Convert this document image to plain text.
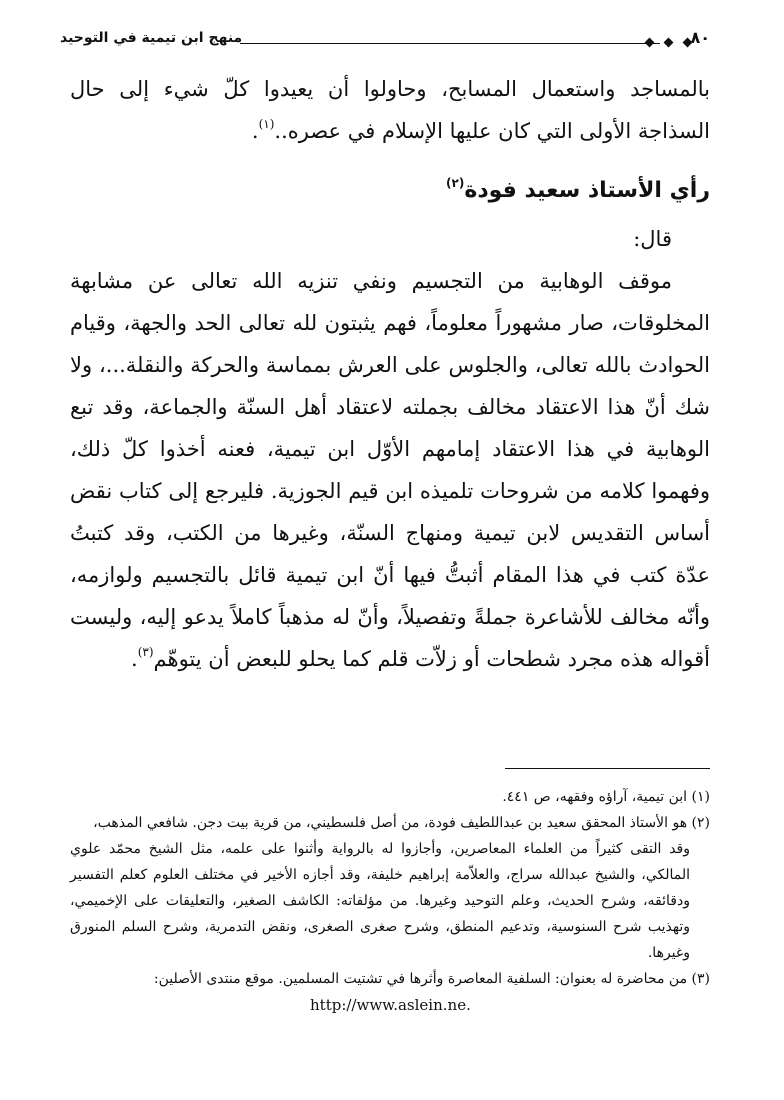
منهج ابن تيمية في التوحيد	٨٠

بالمساجد واستعمال المسابح، وحاولوا أن يعيدوا كلّ شيء إلى حال السذاجة الأولى التي كان عليها الإسلام في عصره..$^{(١)}$.

رأي الأستاذ سعيد فودة$^{(٢)}$

قال:

موقف الوهابية من التجسيم ونفي تنزيه الله تعالى عن مشابهة المخلوقات، صار مشهوراً معلوماً، فهم يثبتون لله تعالى الحد والجهة، وقيام الحوادث بالله تعالى، والجلوس على العرش بمماسة والحركة والنقلة...، ولا شك أنّ هذا الاعتقاد مخالف بجملته لاعتقاد أهل السنّة والجماعة، وقد تبع الوهابية في هذا الاعتقاد إمامهم الأوّل ابن تيمية، فعنه أخذوا كلّ ذلك، وفهموا كلامه من شروحات تلميذه ابن قيم الجوزية. فليرجع إلى كتاب نقض أساس التقديس لابن تيمية ومنهاج السنّة، وغيرها من الكتب، وقد كتبتُ عدّة كتب في هذا المقام أثبتُّ فيها أنّ ابن تيمية قائل بالتجسيم ولوازمه، وأنّه مخالف للأشاعرة جملةً وتفصيلاً، وأنّ له مذهباً كاملاً يدعو إليه، وليست أقواله هذه مجرد شطحات أو زلاّت قلم كما يحلو للبعض أن يتوهّم$^{(٣)}$.

(١) ابن تيمية، آراؤه وفقهه، ص ٤٤١.

(٢) هو الأستاذ المحقق سعيد بن عبداللطيف فودة، من أصل فلسطيني، من قرية بيت دجن. شافعي المذهب،

وقد التقى كثيراً من العلماء المعاصرين، وأجازوا له بالرواية وأثنوا على علمه، مثل الشيخ محمّد علوي المالكي، والشيخ عبدالله سراج، والعلاّمة إبراهيم خليفة، وقد أجازه الأخير في مختلف العلوم كعلم التفسير ودقائقه، وشرح الحديث، وعلم التوحيد وغيرها. من مؤلفاته: الكاشف الصغير، والتعليقات على الإخميمي، وتهذيب شرح السنوسية، وتدعيم المنطق، وشرح صغرى الصغرى، ونقض التدمرية، وشرح السلم المنورق وغيرها.

(٣) من محاضرة له بعنوان: السلفية المعاصرة وأثرها في تشتيت المسلمين. موقع منتدى الأصلين:

http://www.aslein.ne.
